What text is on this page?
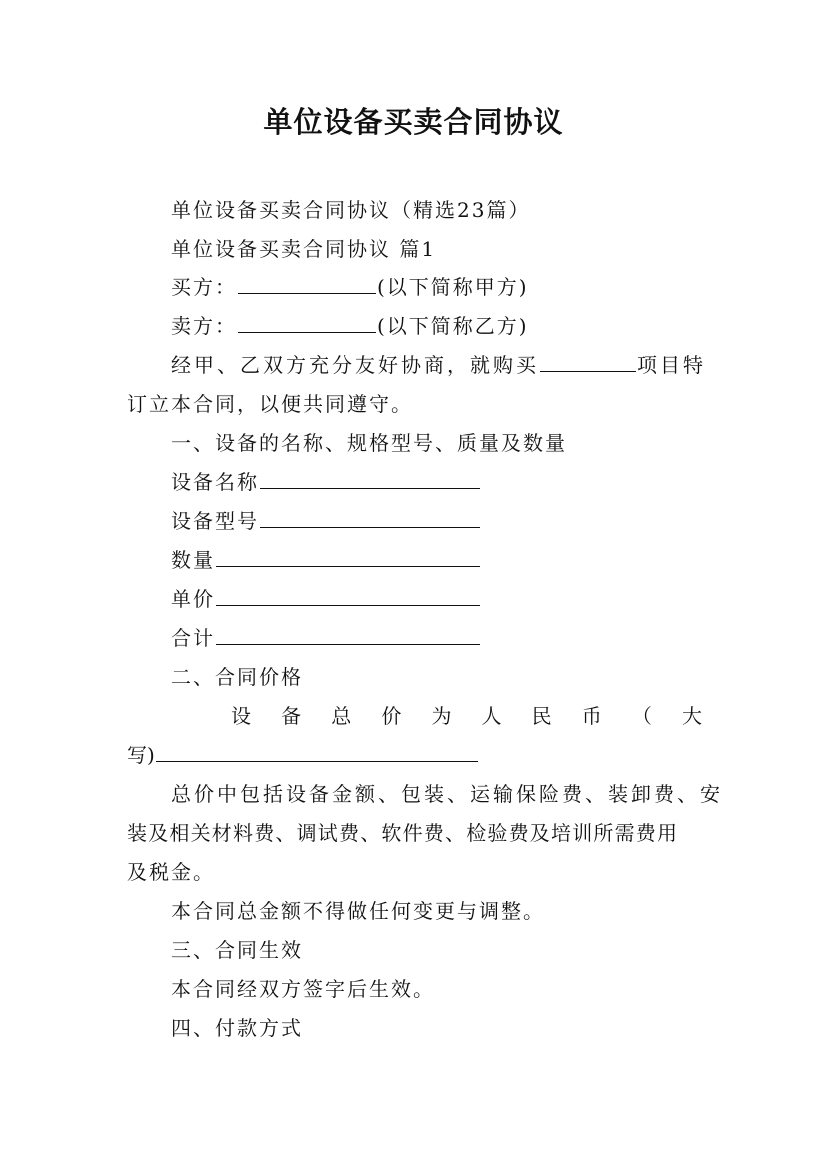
单位设备买卖合同协议
单位设备买卖合同协议（精选23篇）
单位设备买卖合同协议 篇1
买方：	(以下简称甲方)
卖方：	(以下简称乙方)
经甲、乙双方充分友好协商，就购买	项目特
订立本合同，以便共同遵守。
一、设备的名称、规格型号、质量及数量
设备名称
设备型号
数量
单价
合计
二、合同价格
设 备 总 价 为 人 民 币 （ 大
写)
总价中包括设备金额、包装、运输保险费、装卸费、安
装及相关材料费、调试费、软件费、检验费及培训所需费用
及税金。
本合同总金额不得做任何变更与调整。
三、合同生效
本合同经双方签字后生效。
四、付款方式
